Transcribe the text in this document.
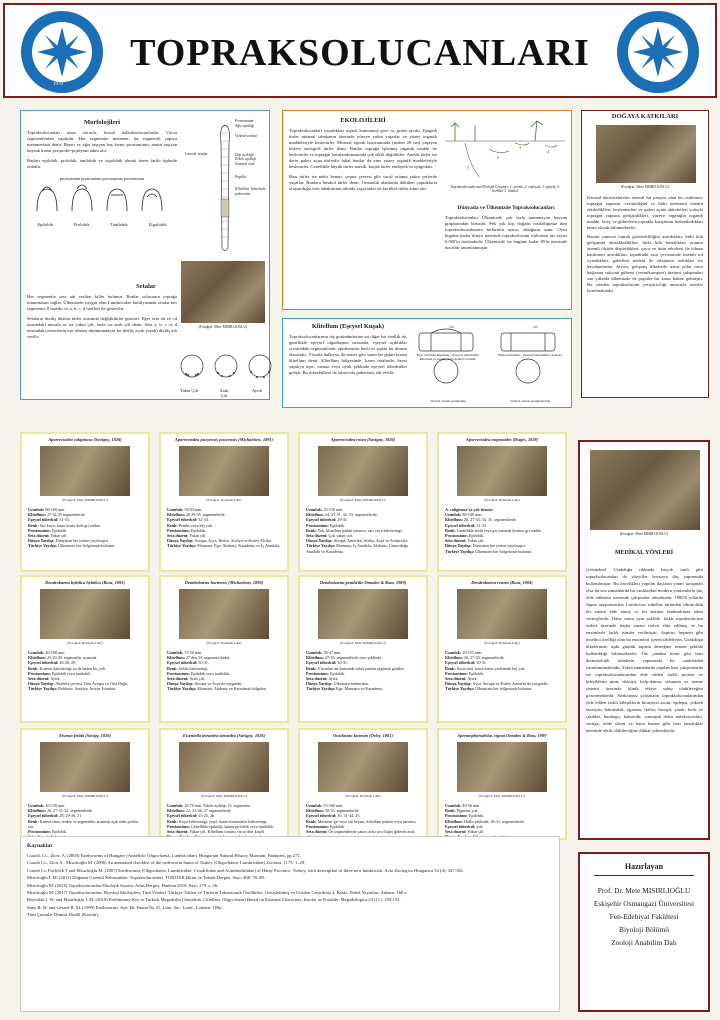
1970
TOPRAKSOLUCANLARI
ESKİŞEHİR OSMANGAZİ ÜNİVERSİTESİ
Morfolojileri
Topraksolucanları uzun vücutlu, kursal halkalısolucanlardır. Vücut segmentlerden yapılıdır. Her segmentte metamer, bu segmentli yapıya metamerizm denir. Beyni ve ağzı taşıyan baş kısmı prostomium, anüsü taşıyan kuyruk kısmı periprokt=pijidyum adını alır.
Başları epilobik, prolobik, tanilobik ve zigolobik olmak üzere farklı tiplerde olabilir.
prostomium prostomium prostomium prostomium
Epilobik	Prolobik	Tanilobik	Zigolobik
Setalar
Her segmentte seta adı verilen killer bulunur. Bunlar solucanın toprağa tutunmasını sağlar. Ülkemizde yaygın olan Lumbricidae familyasında setalar her segmentte 8 tanedir ve a, b, c, d harfleri ile gösterilir.
Setaların diziliş düzeni türler arasında değişiklikler gösterir. Eğer seta ab ve cd arasındaki mesafe az ise yakın çift, fazla ise aralı çift denir. Seta a, b, c ve d arasındaki mesafenin eşit olması durumundaysa bu diziliş ayrık (uzak) diziliş adı verilir.
Lateral setalar
Prostomium
Ağız açıklığı
Ventral setalar
Dişi açıklığı
Erkek açıklığı
Seminal oluk
Papilla
Klitellum Tuberkula pubertatis
(Fotoğraf: Mete MISIRLIOĞLU)
EKOLOJİLERİ
Topraksolucanları yaşadıkları toprak katmanına göre üç gruba ayrılır. Epigeik türler mineral tabakanın üzerinde yüzeye yakın yaşarlar ve yüzey organik maddeleriyle beslenirler. Mineral toprak horizonunda (üstten 20 cm) yaşayan türlere endogeik türler denir. Bunlar toprağa işlenmiş organik madde ile beslenirler ve toprağın havalandırmasında çok etkili değildirler. Anesik türler ise derin galeri açan türlerdir fakat bunlar da yine yüzey organik maddeleriyle beslenirler. Genellikle büyük türler anesik, küçük türler endojeik ve epigeiktir.
Bazı türler ise nehir kenarı, çeşme çevresi gibi sucul ortama yakın yerlerde yaşarlar. Bunlara limikol türler denir. Ormanlık alanlarda dökülen yapraklarla oluşturduğu örtü tabakasının altında yaşayanlar da kortikol türler adını alır.
1
2
3
4
Topraksolucanlarının Ekolojik Grupları: 1. anesik, 2. endojeik, 3. epijeik, 4. kortikol 5. limikol
Dünyada ve Ülkemizde Topraksolucanları
Topraksolucanları Ülkemizde çok fazla tanınmayan hayvan gruplarından birisidir. Pek çok kişi doğada rastladığımız tüm topraksolucanlarının birbirinin aynısı olduğunu sanır. Oysa bugüne kadar dünya üzerinde topraksolucanı türlerinin tür sayısı 6.000'in üzerindedir. Ülkemizde ise bugüne kadar 85'in üzerinde tür/altür tanımlanmıştır.
DOĞAYA KATKILARI
(Fotoğraf: Mete MISIRLIOĞLU)
Karasal ekosistemlerin önemli bir parçası olan bu canlıların, toprağın yapısını, verimliliğini ve bitki üretimini önemli etkilediklleri, beslenmeleri ve galeri açma aktiviteleri yoluyla toprağın yapısını geliştirdikleri, yüzeye organiğin organik madde, kireç ve gübrelerin toprakla karışımını hızlandırdıkları kesin olarak bilinmektedir.
Bunun yanısıra toprak gözenekliliğini artırdıkları, bitki kök gelişimini desteklediklleri, bitki kök hastalıkları oranını önemli ölçüde düşürdükleri, çayır ve ürün rekoltesi ile tohum katılımını artırdıkları, topraktaki azot çevriminde önemli rol oynadıkları, galerileri nedeni ile oksijenin aralıkları ise havalandırma. Ayrıca, gelişmiş ülkelerde uzun yıllar önce başlanan solucan gübresi (vermikompost) üretimi çalışmaları son yıllarda ülkemizde de popüler bir konu haline gelmiştir. Bu yüzden topraksolucanı yetiştiriciliği amacıyla tesisler kurulmaktadır.
Klitellum (Eşeysel Kuşak)
Topraksolucanlarının dış görünümlerine ait diğer bir özellik de, genellikle eşeysel olgunlaşma sırasında, eşeysel açıklıklar civarındaki segmentlerde, epidermisin bezli ve şişkin bir durum almasıdır. Vücuda halka ya da semer gibi saran bu şişkin kısma klitellum denir. Klitellum bölgesinde, karın tarafında, bezsi yapılıya tepe, vantuz veya oyuk şeklinde eşeysel tüberküller gelişir. Bu tüberküllere de tuberculu pubertatis adı verilir.
çift	çift
Eyer şeklinde klitellum - Eşeysel tüberküller klitellum boyunda ya da dışında olabilir.
Halka klitellum - Eşeysel tüberküller dışarıda
Ventral olarak genişlemiş	Ventral olarak genişlememiş
Yakın Çift	Aralı Çift
Ayrık
Aporrectodea caliginosa (Savigny, 1826)
(Fotoğraf: Mete MISIRLIOĞLU)
Uzunluk: 60-160 mm.
Klitellum: 27-34,35 segmentlerde.
Eşeysel tüberkül: 31-33.
Renk: Sırt koyu, karın kısmı kirli gri renkte.
Prostomium: Epilobik.
Seta düzeni: Yakın çift.
Dünya Yayılışı: Dünyanın her yerine yayılmıştır.
Türkiye Yayılışı: Ülkemizin her bölgesinde bulunur.
Aporrectodea jassyensis jassyensis (Michaelsen, 1891)
(Fotoğraf: Robabeh Latif)
Uzunluk: 54-93 mm.
Klitellum: 28,29-35. segmentlerde.
Eşeysel tüberkül: 32-34.
Renk: Pembe veya bej yok.
Prostomium: Epilobik.
Seta düzeni: Yakın çift.
Dünya Yayılışı: Avrupa, Asya, Rodos, Sicilya ve Kuzey Afrika.
Türkiye Yayılışı: Marmara, Ege, Akdeniz, Karadeniz ve İç Anadolu.
Aporrectodea rosea (Savigny, 1826)
(Fotoğraf: Mete MISIRLIOĞLU)
Uzunluk: 25-150 mm.
Klitellum: 24, 25-31, 32, 33. segmentlerde.
Eşeysel tüberkül: 29-31.
Prostomium: Epilobik.
Renk: Yok, klitellum parlak turuncu, sarı veya kahverengi.
Seta düzeni: Çok yakın çift.
Dünya Yayılışı: Avrupa, Amerika, Afrika, Asya ve Avustralya.
Türkiye Yayılışı: Marmara, İç Anadolu, Akdeniz, Güneydoğu Anadolu ve Karadeniz.
Aporrectodea trapezoides (Dugès, 1828)
(Fotoğraf: Robabeh Latif)
A. caliginosa'ya çok benzer.
Uzunluk: 80-140 mm.
Klitellum: 26, 27-33, 34, 35. segmentlerde.
Eşeysel tüberkül: 31-33.
Renk: Genellikle sütlü veya gri tonunda kırmızı gri renkte.
Prostomium: Epilobik.
Seta düzeni: Yakın çift.
Dünya Yayılışı: Dünyanın her yerine yayılmıştır.
Türkiye Yayılışı: Ülkemizin her bölgesinde bulunur.
Dendrobaena hybtlica hybtlica (Rosa, 1893)
(Fotoğraf: Robabeh Latif)
Uzunluk: 40-108 mm.
Klitellum: 25-29,30. segmentler arasında.
Eşeysel tüberkül: 26-28, 29.
Renk: Kırmızı kahverengi ya da bazen biç yok.
Prostomium: Epilobik veya tanilobik.
Seta düzeni: Ayrık.
Dünya Yayılışı: Akdeniz çevresi, Orta Avrupa ve Orta Doğu.
Türkiye Yayılışı: Balıkesir, Antalya, Artvin, İstanbul.
Dendrobaena hortensis (Michaelsen, 1890)
(Fotoğraf: Robabeh Latif)
Uzunluk: 15-50 mm.
Klitellum: 27'den 33. segmente kadar.
Eşeysel tüberkül: 30-31.
Renk: Soluk kahverengi.
Prostomium: Epilobik veya tanilobik.
Seta düzeni: Aralı çift.
Dünya Yayılışı: Avrupa ve Asya'da yaygındır.
Türkiye Yayılışı: Marmara, Akdeniz ve Karadeniz bölgeleri.
Dendrobaena pentheilie Omodeo & Rota, 1989)
(Fotoğraf: Mete MISIRLIOĞLU)
Uzunluk: 38-47 mm.
Klitellum: 27-33. segmentlerde eyer şeklinde.
Eşeysel tüberkül: 30-31.
Renk: Vücudun üst kısmında soluk pembe pigment görülür.
Prostomium: Epilobik.
Seta düzeni: Ayrık.
Dünya Yayılışı: Ülkemize endemiktir.
Türkiye Yayılışı: Ege, Marmara ve Karadeniz.
Dendrobaena veneta (Rosa, 1884)
(Fotoğraf: Robabeh Latif)
Uzunluk: 20-155 mm.
Klitellum: 26, 27-33. segmentlerde.
Eşeysel tüberkül: 30-31.
Renk: Sırtta mor, karın kısmı yerlerinde bej yok.
Prostomium: Epilobik.
Seta düzeni: Ayrık.
Dünya Yayılışı: Asya, Avrupa ve Kuzey Amerika'da yaygındır.
Türkiye Yayılışı: Ülkemizin her bölgesinde bulunur.
Eisenia fetida (Savigy, 1826)
(Fotoğraf: Mete MISIRLIOĞLU)
Uzunluk: 40-130 mm.
Klitellum: 26, 27-31-32. segmentlerde.
Eşeysel tüberkül: 28, 29-30, 31.
Renk: Kırmızı-mor renkte ve segmentler arasında açık renk şeritler var.
Prostomium: Epilobik.
Eiseniella tetraedra tetraedra (Savigny, 1826)
(Fotoğraf: Mete MISIRLIOĞLU)
Uzunluk: 20-70 mm. Erkek açıklığı 13. segmentte.
Klitellum: 22, 23-26, 27 segmentlerde.
Eşeysel tüberkül: 23-25, 26.
Renk: Koyu kahverengi, yeşil, bazen kırmızımsı kahverengi.
Prostomium: Genellikle epilobik, bazen prolobik veya tanilobik.
Seta düzeni: Yakın çift. Klitellum sonrası vücut dört köşeli.
Octolasion lacteum (Örley, 1881)
(Fotoğraf: Robabeh Latif)
Uzunluk: 35-160 mm.
Klitellum: 30-35. segmentlerde.
Eşeysel tüberkül: 30, 31-34, 35.
Renk: Mavimsi-gri veya süt beyazı, klitellum pembe veya turuncu.
Prostomium: Epilobik.
Seta düzeni: Ön segmentlerde yakın, arka ucu doğru giderek aralı
Spermophorodrilus vignai Omodeo & Rota, 1989
(Fotoğraf: Mete MISIRLIOĞLU)
Uzunluk: 40-56 mm.
Renk: Pigment yok.
Prostomium: Epilobik.
Klitellum: Halka şeklinde, 26-31. segmentlerde.
Eşeysel tüberkül: yok.
Seta düzeni: Yakın çift.
(Fotoğraf: Mete MISIRLIOĞLU)
MEDİKAL YÖNLERİ
Geleneksel Uzakdoğu tıbbında birçok canlı gibi topraksolucanları da yüzyıllar boyunca ilaç yapımında kullanılmıştır. Bu öncelikleri yapılan ilaçların yararı tartışmalı olsa da son zamanlarda bu canlılardan modern yöntemlerle ilaç elde edilmesi üzerinde çalışmalar olmaktadır. 1980'li yıllarda Japon araştırmacılar Lumbricus rubellus türünden fibrinolitik bir enzim elde etmiş ve bu enzime lumbrokinaz adını vermişlerdir. Daha sonra aynı şekilde, farklı topraksolucanı türleri üzerinde başka enzim türleri elde edilmiş ve bu enzimlerle farklı isimler verilmiştir. Aspirin, heparin gibi inceltici özelliği olan bu enzimleri içeren tabletlerin, Uzakdoğu ülkelerinde, tıpkı günlük aspirin desteğine benzer şekilde kullanıldığı bilinmektedir. Öte yandan krem gibi bazı dermatolojik ürünlerin yapımında bu canlılardan yararlanılmaktadır. Yakın zamanlarda yapılan bazı çalışmalarda ise topraksolucanlarından elde edilen farklı protein ve bileşiklerin ninir, dokuya, kalp-damar, solunum ve üreme sistemi üzerinde klinik etkiye sahip olabileceğini göstermektedir. Sözkonusu çalışmalar topraksolucanlarından elde edilen farklı bileşiklerin bronşiyal astım, epilepsi, yüksek tansiyon, kabakulak, egzama, iktiler, bronşit, yanık, kırık ve çıkıklar, lumbago, kanserdir, yumuşak doku enfeksiyonları, vertigo, etide ülseri ve hatta kanser gibi bazı hastalıklar üzerinde etkili olabileceğine dikkat çekmektedir.
Kaynaklar
Csuzdi, Cs., Zicsi, A. (2003) Earthworms of Hungary (Annelida: Oligochaeta, Lumbricidae). Hungarian Natural History Museum, Budapest, pp 271.
Csuzdi Cs., Zicsi A., Mısırlıoğlu M. (2006) An annotated checklist of the earthworm fauna of Turkey (Oligochaeta: Lumbricidae) Zootaxa, 1175: 1–29.
Csuzdi Cs, Pavlíček T and Mısırlıoğlu M. (2007) Earthworms (Oligochaeta: Lumbricidae: Criodrilidae and Acanthodrilidae) of Hatay Province, Turkey, with description of three new lumbricids. Acta Zoologica Hungarica 53 (4): 347-361.
Mısırlıoğlu İ. M. (2011) Doğanın Gizemli Rehavanları: Topraksolucanları, TÜBİTAK Bilim ve Teknik Dergisi. Sayı: 408, 78–80.
Mısırlıoğlu M. (2016) Topraksolucanları-Ekolojik Sayılar. Atlas Dergisi, Haziran 2016, Sayı: 279, s. 26.
Mısırlıoğlu M. (2017) Topraksolucanları, Biyoloji Ekolojileri, Türü Yönleri. Türkiye Türleri ve Türlerin Taksonomik Özellikleri. Genişletilmiş ve Gözden Geçirilmiş 2. Baskı, Nobel Yayınları, Ankara, 168 s.
Reynolds J. W. and Mısırlıoğlu İ. M. (2018) Preliminary Key to Turkish Megadriles (Annelida, Clitellata, Oligochaeta) Based on External Characters, Insofar as Possible. Megadrilogica 23 (11): 139-155.
Sims R. W. and Gerard B. M. (1999) Earthworms. Syn. Br. Fauna No.31. Linn. Soc. Lond., London, 169p.
Tüm Çizimler Dimitri Dindil (Karsalı).
Hazırlayan
Prof. Dr. Mete MISIRLIOĞLU
Eskişehir Osmangazi Üniversitesi
Fen-Edebiyat Fakültesi
Biyoloji Bölümü
Zooloji Anabilim Dalı
